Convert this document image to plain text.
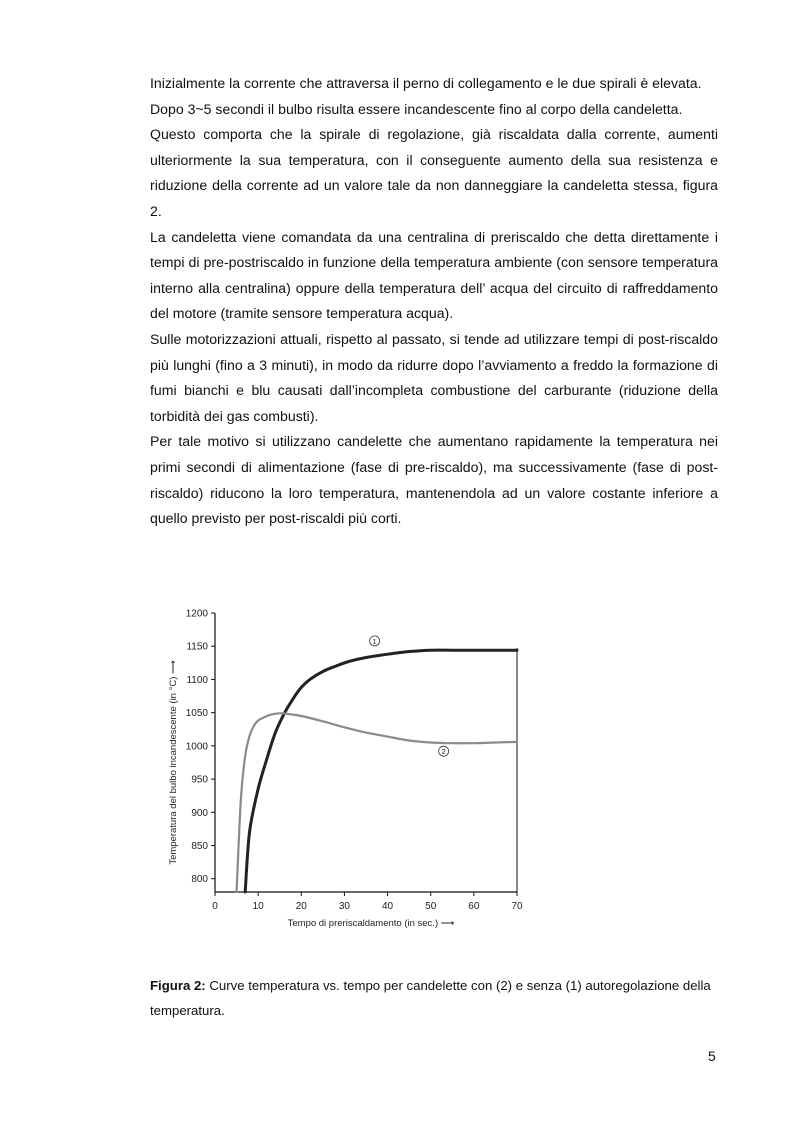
Inizialmente la corrente che attraversa il perno di collegamento e le due spirali è elevata.

Dopo 3~5 secondi il bulbo risulta essere incandescente fino al corpo della candeletta.

Questo comporta che la spirale di regolazione, già riscaldata dalla corrente, aumenti ulteriormente la sua temperatura, con il conseguente aumento della sua resistenza e riduzione della corrente ad un valore tale da non danneggiare la candeletta stessa, figura 2.

La candeletta viene comandata da una centralina di preriscaldo che detta direttamente i tempi di pre-postriscaldo in funzione della temperatura ambiente (con sensore temperatura interno alla centralina) oppure della temperatura dell’ acqua del circuito di raffreddamento del motore (tramite sensore temperatura acqua).

Sulle motorizzazioni attuali, rispetto al passato, si tende ad utilizzare tempi di post-riscaldo più lunghi (fino a 3 minuti), in modo da ridurre dopo l’avviamento a freddo la formazione di fumi bianchi e blu causati dall’incompleta combustione del carburante (riduzione della torbidità dei gas combusti).

Per tale motivo si utilizzano candelette che aumentano rapidamente la temperatura nei primi secondi di alimentazione (fase di pre-riscaldo), ma successivamente (fase di post-riscaldo) riducono la loro temperatura, mantenendola ad un valore costante inferiore a quello previsto per post-riscaldi più corti.

800
850
900
950
1000
1050
1100
1150
1200
0	10	20	30	40	50	60	70
Tempo di preriscaldamento (in sec.) ⟶
Temperatura del bulbo incandescente (in °C) ⟶
1
2
Figura 2: Curve temperatura vs. tempo per candelette con (2) e senza (1) autoregolazione della temperatura.
5
